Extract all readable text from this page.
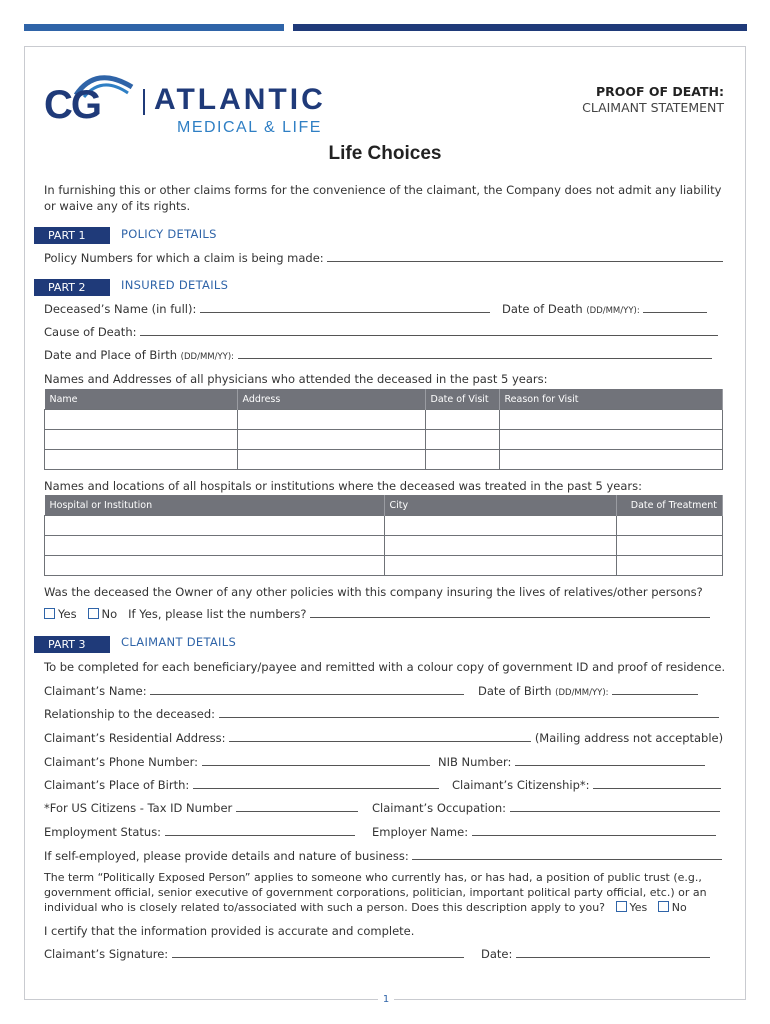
CG ATLANTIC
MEDICAL & LIFE
PROOF OF DEATH:
CLAIMANT STATEMENT
Life Choices
In furnishing this or other claims forms for the convenience of the claimant, the Company does not admit any liability or waive any of its rights.
PART 1	POLICY DETAILS
Policy Numbers for which a claim is being made:
PART 2	INSURED DETAILS
Deceased’s Name (in full):	Date of Death (DD/MM/YY):
Cause of Death:
Date and Place of Birth (DD/MM/YY):
Names and Addresses of all physicians who attended the deceased in the past 5 years:
Name	Address	Date of Visit	Reason for Visit

Names and locations of all hospitals or institutions where the deceased was treated in the past 5 years:
Hospital or Institution	City	Date of Treatment

Was the deceased the Owner of any other policies with this company insuring the lives of relatives/other persons?
Yes No If Yes, please list the numbers?
PART 3	CLAIMANT DETAILS
To be completed for each beneficiary/payee and remitted with a colour copy of government ID and proof of residence.
Claimant’s Name:	Date of Birth (DD/MM/YY):
Relationship to the deceased:
Claimant’s Residential Address:	(Mailing address not acceptable)
Claimant’s Phone Number:	NIB Number:
Claimant’s Place of Birth:	Claimant’s Citizenship*:
*For US Citizens - Tax ID Number	Claimant’s Occupation:
Employment Status:	Employer Name:
If self-employed, please provide details and nature of business:
The term “Politically Exposed Person” applies to someone who currently has, or has had, a position of public trust (e.g., government official, senior executive of government corporations, politician, important political party official, etc.) or an individual who is closely related to/associated with such a person. Does this description apply to you? Yes No
I certify that the information provided is accurate and complete.
Claimant’s Signature:	Date:
1
